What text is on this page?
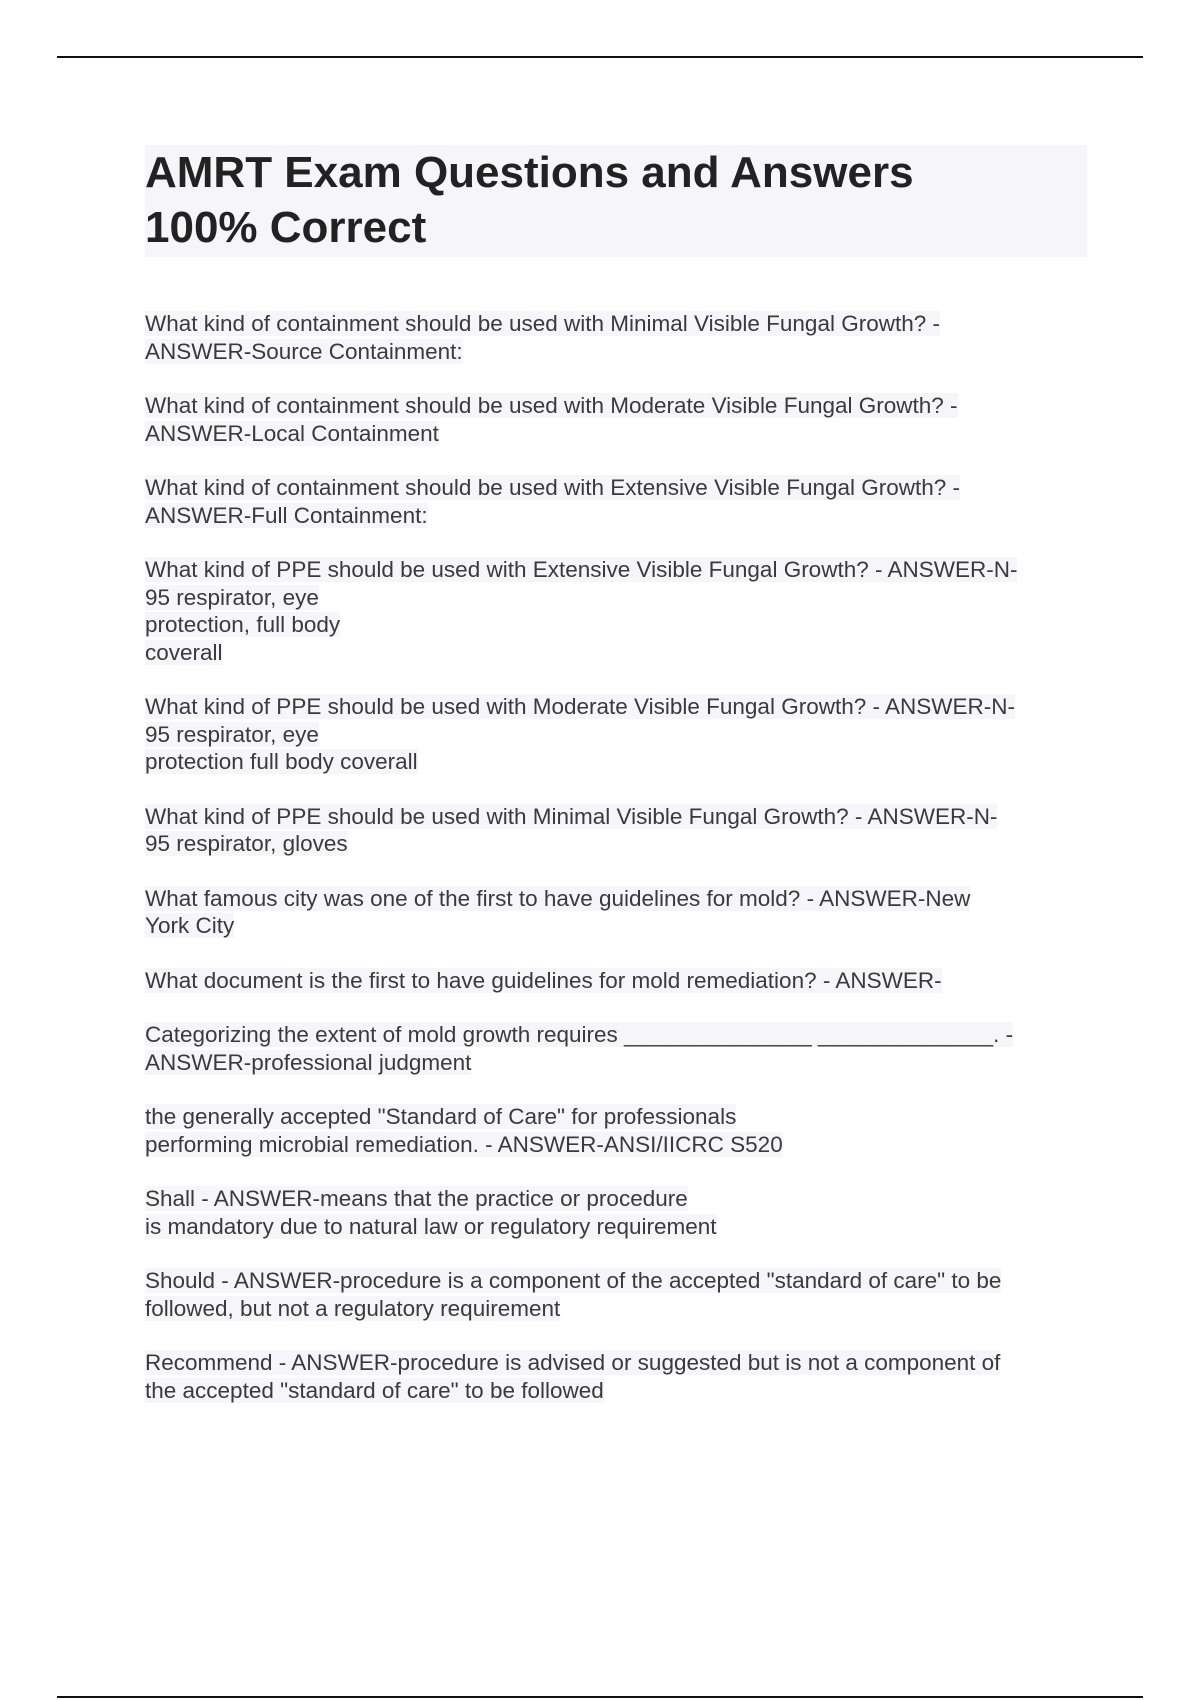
AMRT Exam Questions and Answers
100% Correct

What kind of containment should be used with Minimal Visible Fungal Growth? -
ANSWER-Source Containment:

What kind of containment should be used with Moderate Visible Fungal Growth? -
ANSWER-Local Containment

What kind of containment should be used with Extensive Visible Fungal Growth? -
ANSWER-Full Containment:

What kind of PPE should be used with Extensive Visible Fungal Growth? - ANSWER-N-
95 respirator, eye
protection, full body
coverall

What kind of PPE should be used with Moderate Visible Fungal Growth? - ANSWER-N-
95 respirator, eye
protection full body coverall

What kind of PPE should be used with Minimal Visible Fungal Growth? - ANSWER-N-
95 respirator, gloves

What famous city was one of the first to have guidelines for mold? - ANSWER-New
York City

What document is the first to have guidelines for mold remediation? - ANSWER-

Categorizing the extent of mold growth requires _______________ ______________. -
ANSWER-professional judgment

the generally accepted "Standard of Care" for professionals
performing microbial remediation. - ANSWER-ANSI/IICRC S520

Shall - ANSWER-means that the practice or procedure
is mandatory due to natural law or regulatory requirement

Should - ANSWER-procedure is a component of the accepted "standard of care" to be
followed, but not a regulatory requirement

Recommend - ANSWER-procedure is advised or suggested but is not a component of
the accepted "standard of care" to be followed
